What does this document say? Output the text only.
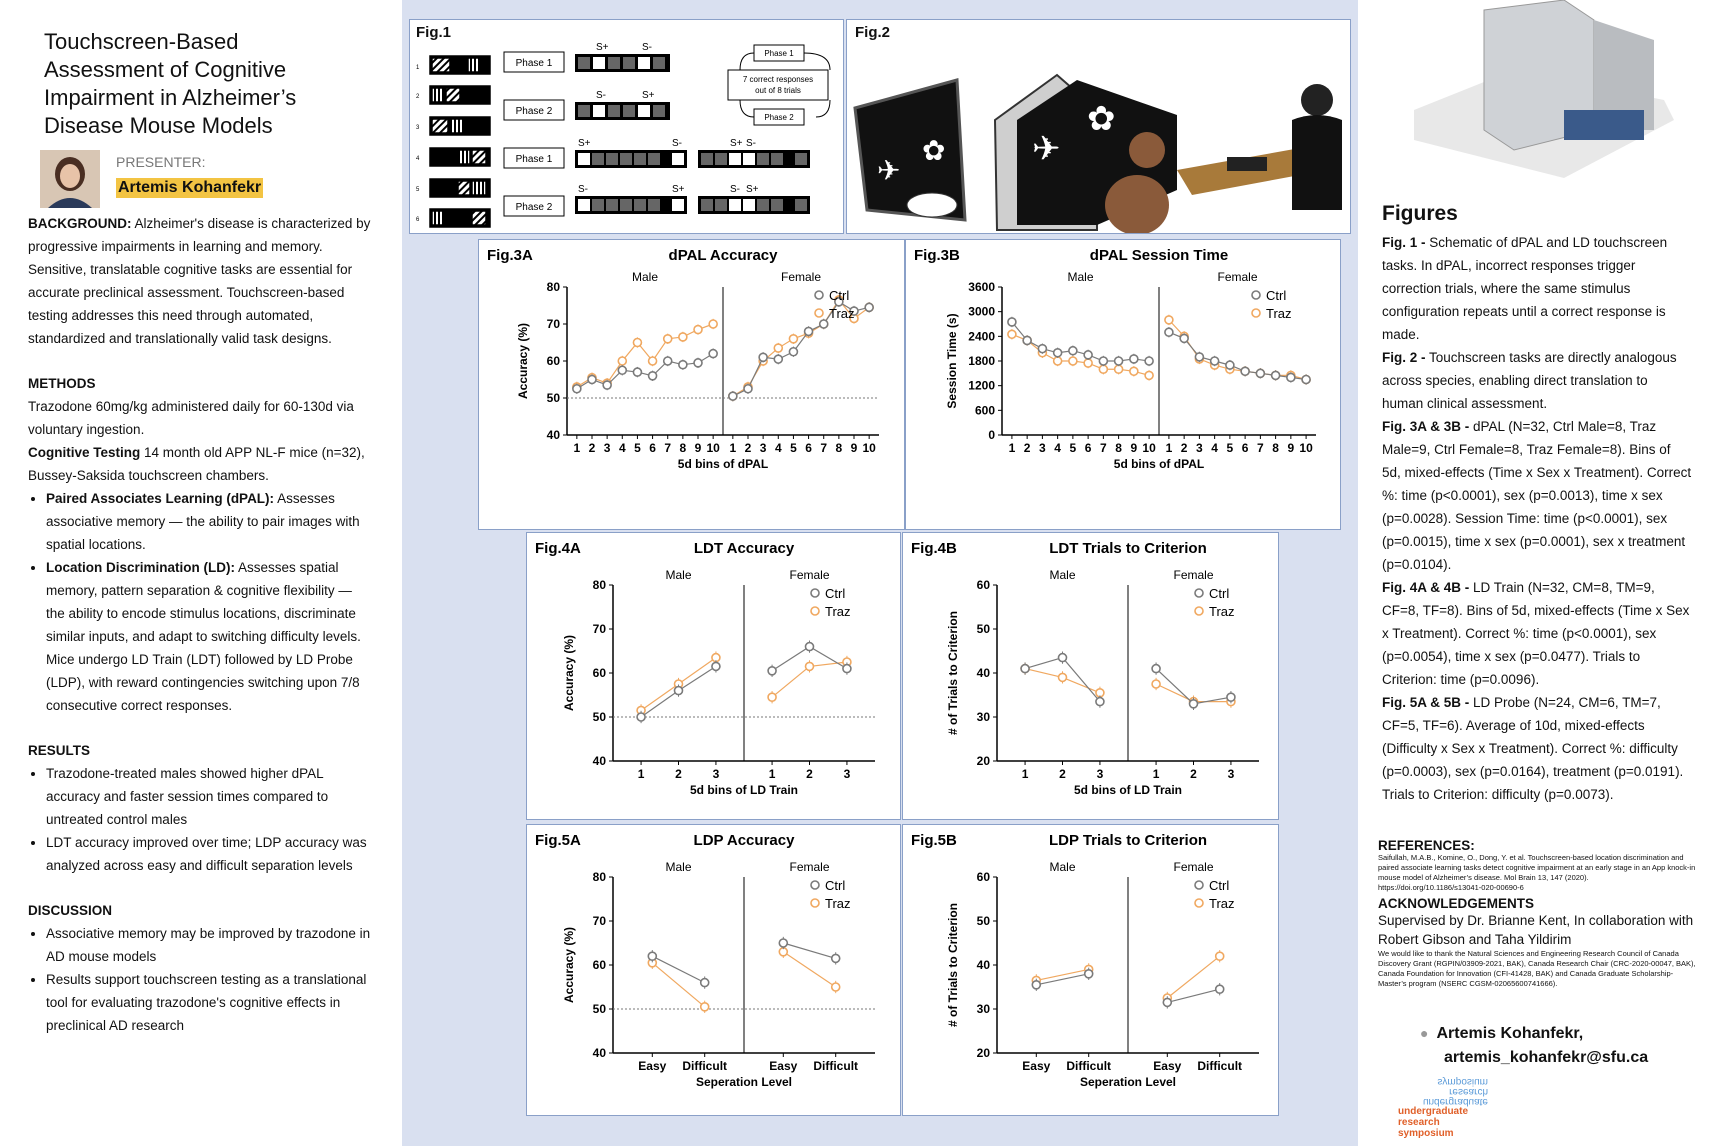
Touchscreen-Based Assessment of Cognitive Impairment in Alzheimer’s Disease Mouse Models
PRESENTER:
Artemis Kohanfekr

BACKGROUND: Alzheimer's disease is characterized by progressive impairments in learning and memory. Sensitive, translatable cognitive tasks are essential for accurate preclinical assessment. Touchscreen-based testing addresses this need through automated, standardized and translationally valid task designs.

METHODS

Trazodone 60mg/kg administered daily for 60-130d via voluntary ingestion.

Cognitive Testing 14 month old APP NL-F mice (n=32), Bussey-Saksida touchscreen chambers.

• Paired Associates Learning (dPAL): Assesses associative memory — the ability to pair images with spatial locations.
• Location Discrimination (LD): Assesses spatial memory, pattern separation & cognitive flexibility — the ability to encode stimulus locations, discriminate similar inputs, and adapt to switching difficulty levels. Mice undergo LD Train (LDT) followed by LD Probe (LDP), with reward contingencies switching upon 7/8 consecutive correct responses.

RESULTS

• Trazodone-treated males showed higher dPAL accuracy and faster session times compared to untreated control males
• LDT accuracy improved over time; LDP accuracy was analyzed across easy and difficult separation levels

DISCUSSION

• Associative memory may be improved by trazodone in AD mouse models
• Results support touchscreen testing as a translational tool for evaluating trazodone's cognitive effects in preclinical AD research
Fig.1
1
2
3
4
5
6
Phase 1
Phase 2
Phase 1
Phase 2
S+	S-
S-	S+
S+	S-
S-	S+
S+ S-
S- S+
Phase 1
7 correct responses
out of 8 trials
Phase 2
Fig.2
✈
✿	✈
✿
Fig.3A	dPAL Accuracy
Male	Female
40
50
60
70
80
1 2 3 4 5 6 7 8 9 10 1 2 3 4 5 6 7 8 9 10
5d bins of dPAL
Accuracy (%)
Ctrl
Traz
Fig.3B	dPAL Session Time
Male	Female
0
600
1200
1800
2400
3000
3600
1 2 3 4 5 6 7 8 9 10 1 2 3 4 5 6 7 8 9 10
5d bins of dPAL
Session Time (s)
Ctrl
Traz
Fig.4A	LDT Accuracy
Male	Female
40
50
60
70
80
1	2	3	1	2	3
5d bins of LD Train
Accuracy (%)
Ctrl
Traz
Fig.4B	LDT Trials to Criterion
Male	Female
20
30
40
50
60
1	2	3	1	2	3
5d bins of LD Train
# of Trials to Criterion
Ctrl
Traz
Fig.5A	LDP Accuracy
Male	Female
40
50
60
70
80
Easy Difficult	Easy Difficult
Seperation Level
Accuracy (%)
Ctrl
Traz
Fig.5B	LDP Trials to Criterion
Male	Female
20
30
40
50
60
Easy Difficult	Easy Difficult
Seperation Level
# of Trials to Criterion
Ctrl
Traz
Figures

Fig. 1 - Schematic of dPAL and LD touchscreen tasks. In dPAL, incorrect responses trigger correction trials, where the same stimulus configuration repeats until a correct response is made.

Fig. 2 - Touchscreen tasks are directly analogous across species, enabling direct translation to human clinical assessment.

Fig. 3A & 3B - dPAL (N=32, Ctrl Male=8, Traz Male=9, Ctrl Female=8, Traz Female=8). Bins of 5d, mixed-effects (Time x Sex x Treatment). Correct %: time (p<0.0001), sex (p=0.0013), time x sex (p=0.0028). Session Time: time (p<0.0001), sex (p=0.0015), time x sex (p=0.0001), sex x treatment (p=0.0104).

Fig. 4A & 4B - LD Train (N=32, CM=8, TM=9, CF=8, TF=8). Bins of 5d, mixed-effects (Time x Sex x Treatment). Correct %: time (p<0.0001), sex (p=0.0054), time x sex (p=0.0477). Trials to Criterion: time (p=0.0096).

Fig. 5A & 5B - LD Probe (N=24, CM=6, TM=7, CF=5, TF=6). Average of 10d, mixed-effects (Difficulty x Sex x Treatment). Correct %: difficulty (p=0.0003), sex (p=0.0164), treatment (p=0.0191). Trials to Criterion: difficulty (p=0.0073).

REFERENCES:
Saifullah, M.A.B., Komine, O., Dong, Y. et al. Touchscreen-based location discrimination and paired associate learning tasks detect cognitive impairment at an early stage in an App knock-in mouse model of Alzheimer’s disease. Mol Brain 13, 147 (2020).
https://doi.org/10.1186/s13041-020-00690-6
ACKNOWLEDGEMENTS
Supervised by Dr. Brianne Kent, In collaboration with Robert Gibson and Taha Yildirim
We would like to thank the Natural Sciences and Engineering Research Council of Canada Discovery Grant (RGPIN/03909-2021, BAK), Canada Research Chair (CRC-2020-00047, BAK), Canada Foundation for Innovation (CFI-41428, BAK) and Canada Graduate Scholarship-Master’s program (NSERC CGSM-02065600741666).
● Artemis Kohanfekr,
artemis_kohanfekr@sfu.ca
undergraduate research symposium
undergraduate
research
symposium
